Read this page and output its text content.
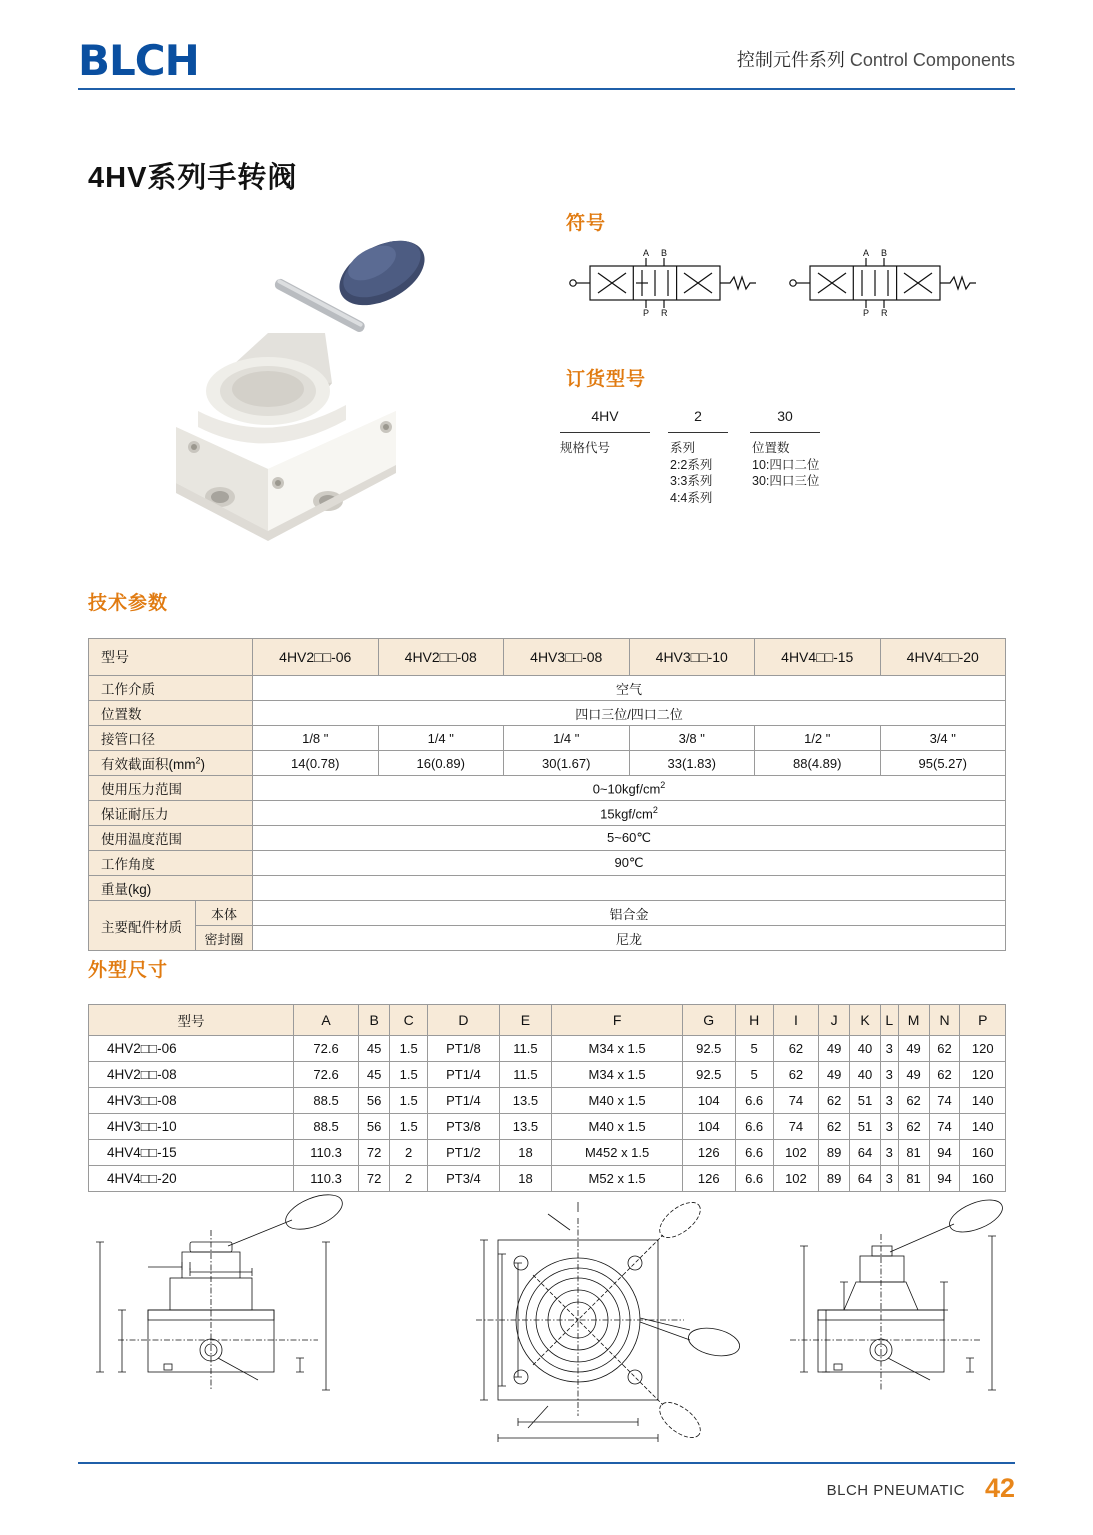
BLCH	控制元件系列 Control Components
4HV系列手转阀
符号
A B
P R
A B
P R
订货型号
4HV	2	30
规格代号	系列
2:2系列
3:3系列
4:4系列
位置数
10:四口二位
30:四口三位
技术参数
型号		4HV2□□-06	4HV2□□-08	4HV3□□-08	4HV3□□-10	4HV4□□-15	4HV4□□-20
工作介质		空气					
位置数		四口三位/四口二位					
接管口径		1/8 "	1/4 "	1/4 "	3/8 "	1/2 "	3/4 "
有效截面积$(mm^2)$		14(0.78)	16(0.89)	30(1.67)	33(1.83)	88(4.89)	95(5.27)
使用压力范围		$0\sim 10kgf/cm^2$
保证耐压力		$15kgf/cm^2$
使用温度范围		5~60℃					
工作角度		90℃					
重量(kg)							
主要配件材质	本体	铝合金					
	密封圈	尼龙					
外型尺寸
型号	A	B	C	D	E	F	G	H	I	J	K	L	M	N	P
4HV2□□-06	72.6	45	1.5	PT1/8	11.5	M34 x 1.5	92.5	5	62	49	40	3	49	62	120
4HV2□□-08	72.6	45	1.5	PT1/4	11.5	M34 x 1.5	92.5	5	62	49	40	3	49	62	120
4HV3□□-08	88.5	56	1.5	PT1/4	13.5	M40 x 1.5	104	6.6	74	62	51	3	62	74	140
4HV3□□-10	88.5	56	1.5	PT3/8	13.5	M40 x 1.5	104	6.6	74	62	51	3	62	74	140
4HV4□□-15	110.3	72	2	PT1/2	18	M452 x 1.5	126	6.6	102	89	64	3	81	94	160
4HV4□□-20	110.3	72	2	PT3/4	18	M52 x 1.5	126	6.6	102	89	64	3	81	94	160
4-D
A
B
C	F
P
(G)
E
B
4-ΦH
45°
45°
I J K
P	R
A
M
N	(P)
2-ΦL
4-D
A
B
10	8
P	R
F
(G)
E
BLCH PNEUMATIC 42
